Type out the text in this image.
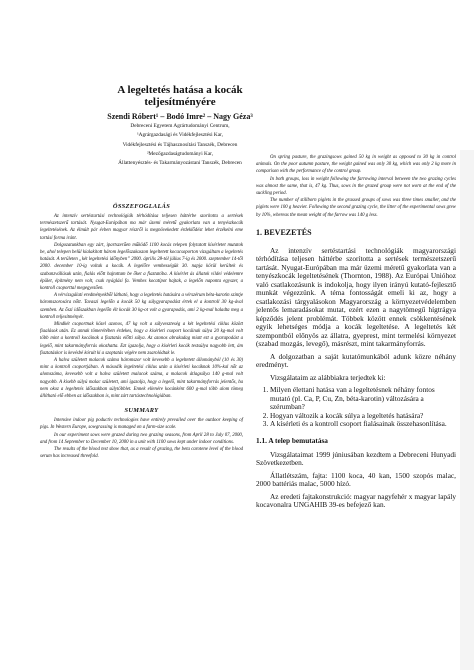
A legeltetés hatása a kocák
teljesítményére
Szendi Róbert¹ – Bodó Imre² – Nagy Géza³
Debreceni Egyetem Agrártudományi Centrum,
¹Agrárgazdasági és Vidékfejlesztési Kar,
Vidékfejlesztési és Tájhasznosítási Tanszék, Debrecen
²Mezőgazdaságtudományi Kar,
Állattenyésztés- és Takarmányozástani Tanszék, Debrecen
ÖSSZEFOGLALÁS

Az intenzív sertéstartási technológiák térhódítása teljesen háttérbe szorította a sertések természetszerű tartását. Nyugat-Európában ma már üzemi méretű gyakorlata van a tenyészkocák legeltetésének. Az élmúlt pár évben magyar részről is megnövekedett érdeklődést lehet érzékelni eme tartási forma iránt.

Dolgozatunkban egy zárt, ipartszerűen működő 1100 kocás telepen folytatott kísérletet mutatok be, ahol telepen belül kialakított három legelőszakaszon legeltetett kocacsoporton vizsgáltam a legeltetés hatását. A területen „két legeltetési időnyben” 2000. április 28-tól július 7-ig és 2000. szeptember 14-től 2000. december 10-ig voltak a kocák. A legelőre vemhességük 30. napja körül kerültek és szabanzvállásuk után, fialás előtt hajtottam be őket a fiaztatóba. A kísérlet ás állatok vildei védelemre épület, építmény nem volt, csak nyáglási fa. Vemhes kocatípot hajtak, a legelőn naponta egyszer, a kontroll csoporttal megegyezően.

A vérvizsgálati eredményekből látható, hogy a legeltetés hatására a vérszérum béta-karotin szintje háromszorosára nőtt. Tavaszi legelőn a kocák 50 kg súlygyarapodást értek el a kontroll 30 kg-ával szemben. Az őszi időszakban legelőn élt kocák 30 kg-ot volt a gyarapodás, ami 2 kg-mal haladta meg a kontroll teljesítményét.

Mindkét csoportnak közel azonos, 47 kg volt a súlyveszteség a két legeltetési ciklus között fiaalások után. Ez annak tömerétében érdekes, hogy a kísérleti csoport kocáinak súlya 20 kg-mal volt több mint a kontroll kocáinak a fiaztatás előtti súlya. Az azonos abrakadag miatt ezt a gyarapodást a legelő, mint takarmányforrás okozhatta. Ezt igazolja, hogy a kísérleti kocák testsúlya nagyobb lett, ám fiaztatáskor is kevésbé kórult ki a szoptatás végére nem zsarolódtak le.

A halva született malacok száma háromszor volt kevesebb a legeltetett állományból (10 és 30) mint a kontroll csoportjában. A második legeltetési ciklus után a kísérleti kocáknak 10%-kal nőt az alomszáma, kevesebb volt a halva született malacok száma, a malacok átlagsúlya 140 g-mal volt nagyobb. A kisebb súlyú malac született, ami igazolja, hogy a legelő, mint takarmányforrás jelentős, ha nem okoz a legeltetés időszakban súlytöbblet. Ennek ellenére kocánként 600 g-mal több alom tömeg állítható elő ebben az időszakban is, mint zárt tartástechnológiában.

SUMMARY

Intensive indoor pig poductiv technologies have entirely prevailed over the outdoor keeping of pigs. In Western Europe, sowgrassing is managed on a farm-size scale.

In our experiment sows were grazed during two grazing seasons, from April 28 to July 07, 2000, and from 14 September to December 10, 2000 in a unit with 1100 sows kept under indoor conditions.

The results of the blood test show that, as a result of grazing, the beta carotene level of the blood serum has increased threefold.

On spring pasture, the grazingsows gained 50 kg in weight as opposed to 30 kg in control animals. On the poor autumn pasture, the weight gained was only 30 kg, which was only 2 kg more in comparison with the performance of the control group.

In both groups, loss in weight following the farrowing interval between the two grazing cycles was almost the same, that is, 47 kg. Thus, sows in the grazed group were not worn at the end of the suckling period.

The number of stillborn piglets in the grassed groups of sows was three times smaller, and the piglets were 100 g heavier. Following the second grazing cycle, the litter of the experimental sows grew by 10%, whereas the mean weight of the farrow was 140 g less.

1. BEVEZETÉS

Az intenzív sertéstartási technológiák magyarországi térhódítása teljesen háttérbe szorította a sertések természetszerű tartását. Nyugat-Európában ma már üzemi méretű gyakorlata van a tenyészkocák legeltetésének (Thornton, 1988). Az Európai Unióhoz való csatlakozásunk is indokolja, hogy ilyen irányú kutató-fejlesztő munkát végezzünk. A téma fontosságát emeli ki az, hogy a csatlakozási tárgyalásokon Magyarország a környezetvédelemben jelentős lemaradásokat mutat, ezért ezen a nagytömegű hígtrágya képződés jelent problémát. Többek között ennek csökkentésének egyik lehetséges módja a kocák legeltetése. A legeltetés két szempontból előnyös az állatra, gyeprest, mint termelési környezet (szabad mozgás, levegő), másrészt, mint takarmányforrás.

A dolgozatban a saját kutatómunkából adunk közre néhány eredményt.

Vizsgálataim az alábbiakra terjedtek ki:

1. Milyen élettani hatása van a legeltetésnek néhány fontos mutató (pl. Ca, P, Cu, Zn, béta-karotin) változására a szérumban?
2. Hogyan változik a kocák súlya a legeltetés hatására?
3. A kísérleti és a kontroll csoport fialásainak összehasonlítása.
1.1. A telep bemutatása

Vizsgálataimat 1999 júniusában kezdtem a Debreceni Hunyadi Szövetkezetben.

Állatlétszám, fajta: 1100 koca, 40 kan, 1500 szopós malac, 2000 battériás malac, 5000 hízó.

Az eredeti fajtakonstrukció: magyar nagyfehér x magyar lapály kocavonalra UNGAHIB 39-es befejező kan.
